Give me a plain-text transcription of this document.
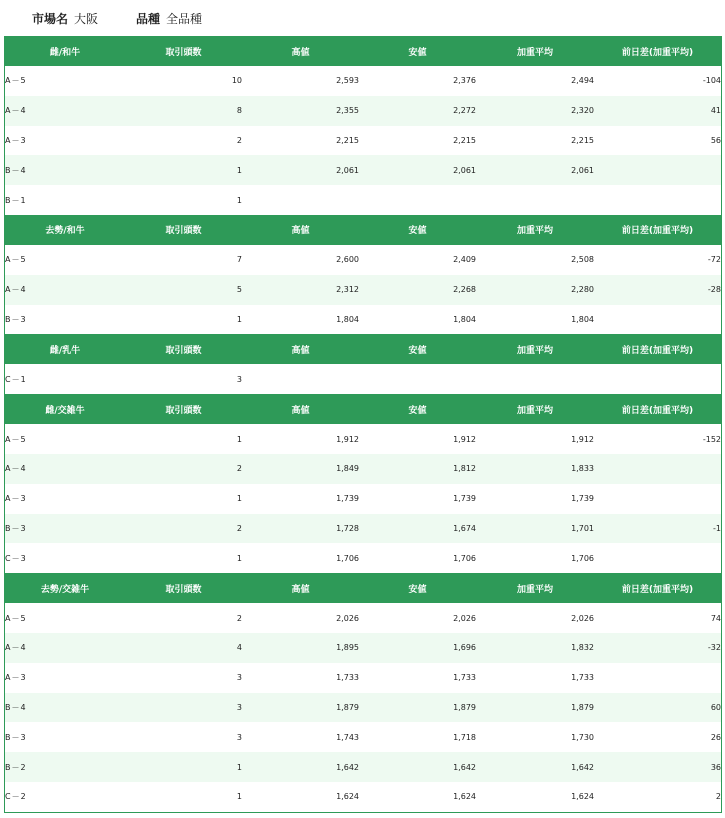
市場名 大阪	品種 全品種
雌/和牛	取引頭数	高値	安値	加重平均	前日差(加重平均)
A－5	10	2,593	2,376	2,494	-104
A－4	8	2,355	2,272	2,320	41
A－3	2	2,215	2,215	2,215	56
B－4	1	2,061	2,061	2,061	
B－1	1				
去勢/和牛	取引頭数	高値	安値	加重平均	前日差(加重平均)
A－5	7	2,600	2,409	2,508	-72
A－4	5	2,312	2,268	2,280	-28
B－3	1	1,804	1,804	1,804	
雌/乳牛	取引頭数	高値	安値	加重平均	前日差(加重平均)
C－1	3				
雌/交雑牛	取引頭数	高値	安値	加重平均	前日差(加重平均)
A－5	1	1,912	1,912	1,912	-152
A－4	2	1,849	1,812	1,833	
A－3	1	1,739	1,739	1,739	
B－3	2	1,728	1,674	1,701	-1
C－3	1	1,706	1,706	1,706	
去勢/交雑牛	取引頭数	高値	安値	加重平均	前日差(加重平均)
A－5	2	2,026	2,026	2,026	74
A－4	4	1,895	1,696	1,832	-32
A－3	3	1,733	1,733	1,733	
B－4	3	1,879	1,879	1,879	60
B－3	3	1,743	1,718	1,730	26
B－2	1	1,642	1,642	1,642	36
C－2	1	1,624	1,624	1,624	2
